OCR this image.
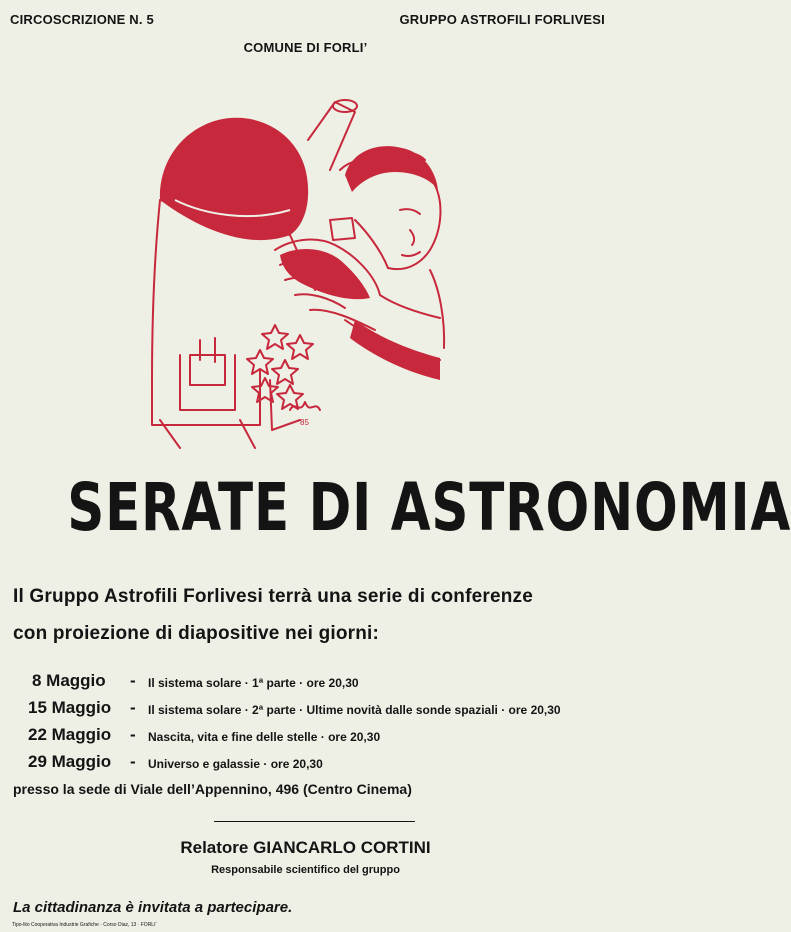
CIRCOSCRIZIONE N. 5	GRUPPO ASTROFILI FORLIVESI
COMUNE DI FORLI’
85
SERATE DI ASTRONOMIA
Il Gruppo Astrofili Forlivesi terrà una serie di conferenze
con proiezione di diapositive nei giorni:
8 Maggio - Il sistema solare · 1ª parte · ore 20,30
15 Maggio - Il sistema solare · 2ª parte · Ultime novità dalle sonde spaziali · ore 20,30
22 Maggio - Nascita, vita e fine delle stelle · ore 20,30
29 Maggio - Universo e galassie · ore 20,30
presso la sede di Viale dell’Appennino, 496 (Centro Cinema)
Relatore GIANCARLO CORTINI
Responsabile scientifico del gruppo
La cittadinanza è invitata a partecipare.
Tipo-lito Cooperativa Industrie Grafiche · Corso Diaz, 13 · FORLI’
